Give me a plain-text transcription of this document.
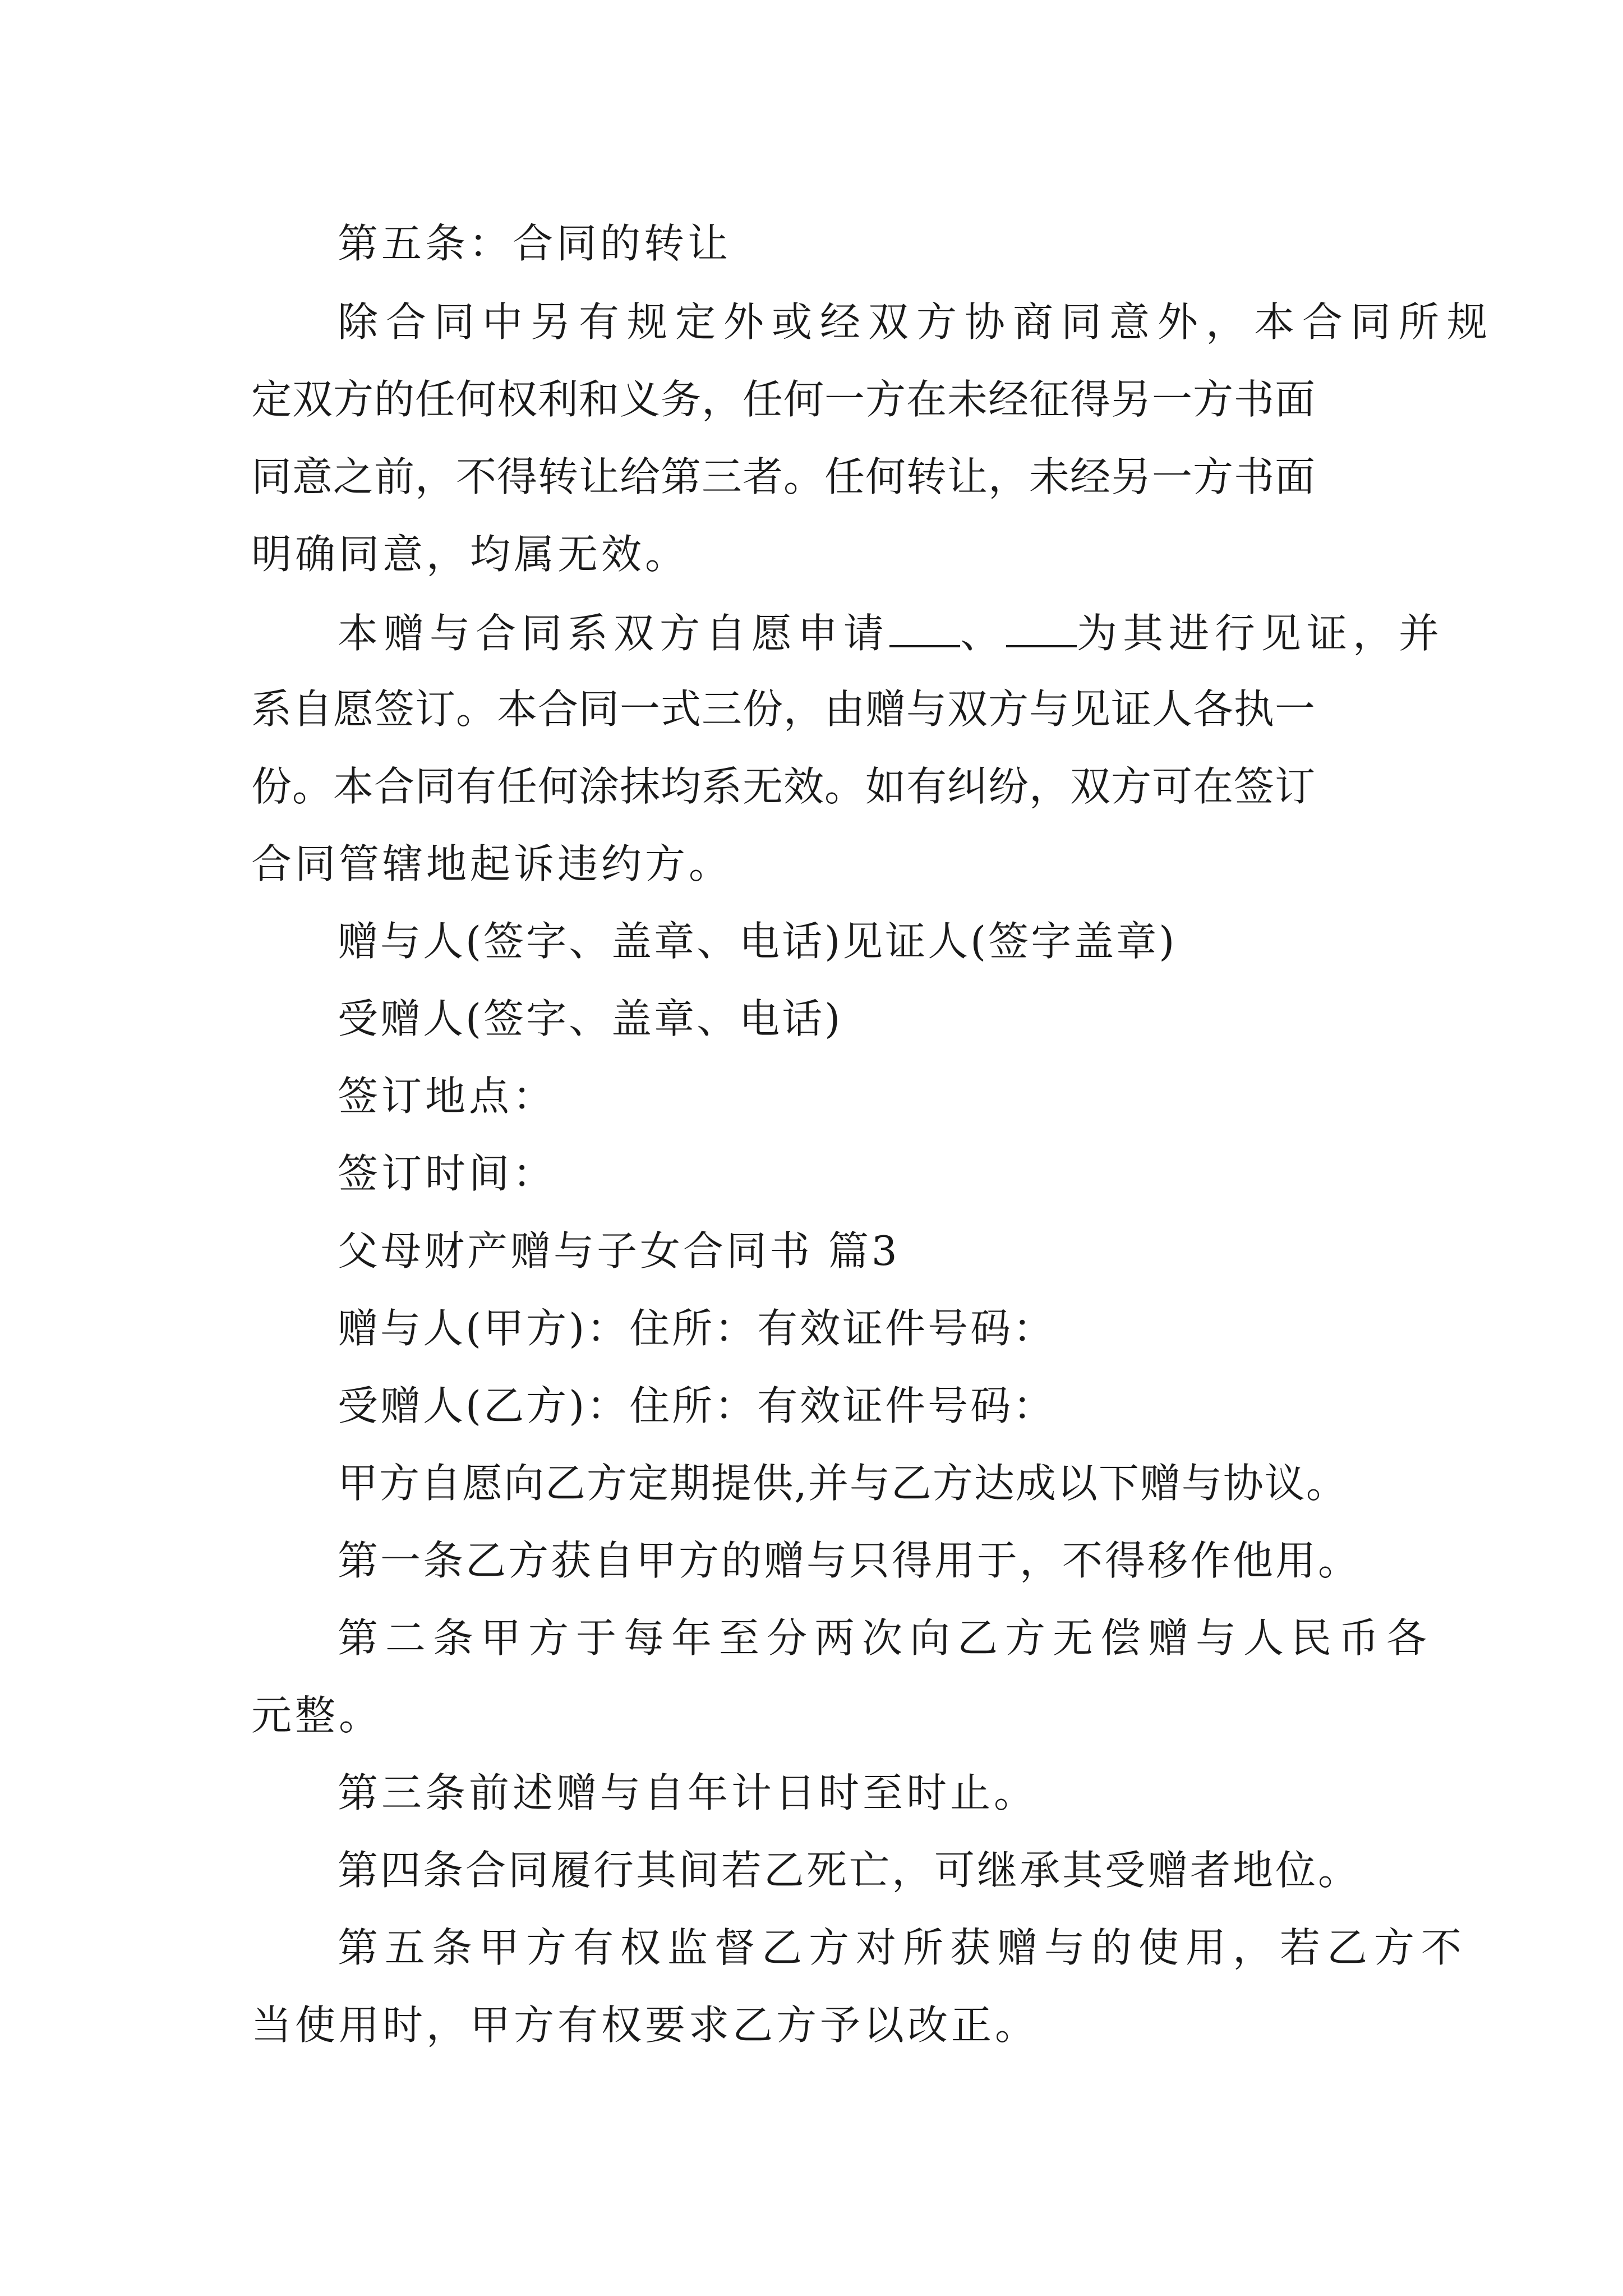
第五条：合同的转让
除合同中另有规定外或经双方协商同意外，本合同所规
定双方的任何权利和义务，任何一方在未经征得另一方书面
同意之前，不得转让给第三者。任何转让，未经另一方书面
明确同意，均属无效。
本赠与合同系双方自愿申请 、 为其进行见证，并
系自愿签订。本合同一式三份，由赠与双方与见证人各执一
份。本合同有任何涂抹均系无效。如有纠纷，双方可在签订
合同管辖地起诉违约方。
赠与人(签字、盖章、电话)见证人(签字盖章)
受赠人(签字、盖章、电话)
签订地点：
签订时间：
父母财产赠与子女合同书 篇3
赠与人(甲方)：住所：有效证件号码：
受赠人(乙方)：住所：有效证件号码：
甲方自愿向乙方定期提供,并与乙方达成以下赠与协议。
第一条乙方获自甲方的赠与只得用于，不得移作他用。
第二条甲方于每年至分两次向乙方无偿赠与人民币各
元整。
第三条前述赠与自年计日时至时止。
第四条合同履行其间若乙死亡，可继承其受赠者地位。
第五条甲方有权监督乙方对所获赠与的使用，若乙方不
当使用时，甲方有权要求乙方予以改正。
